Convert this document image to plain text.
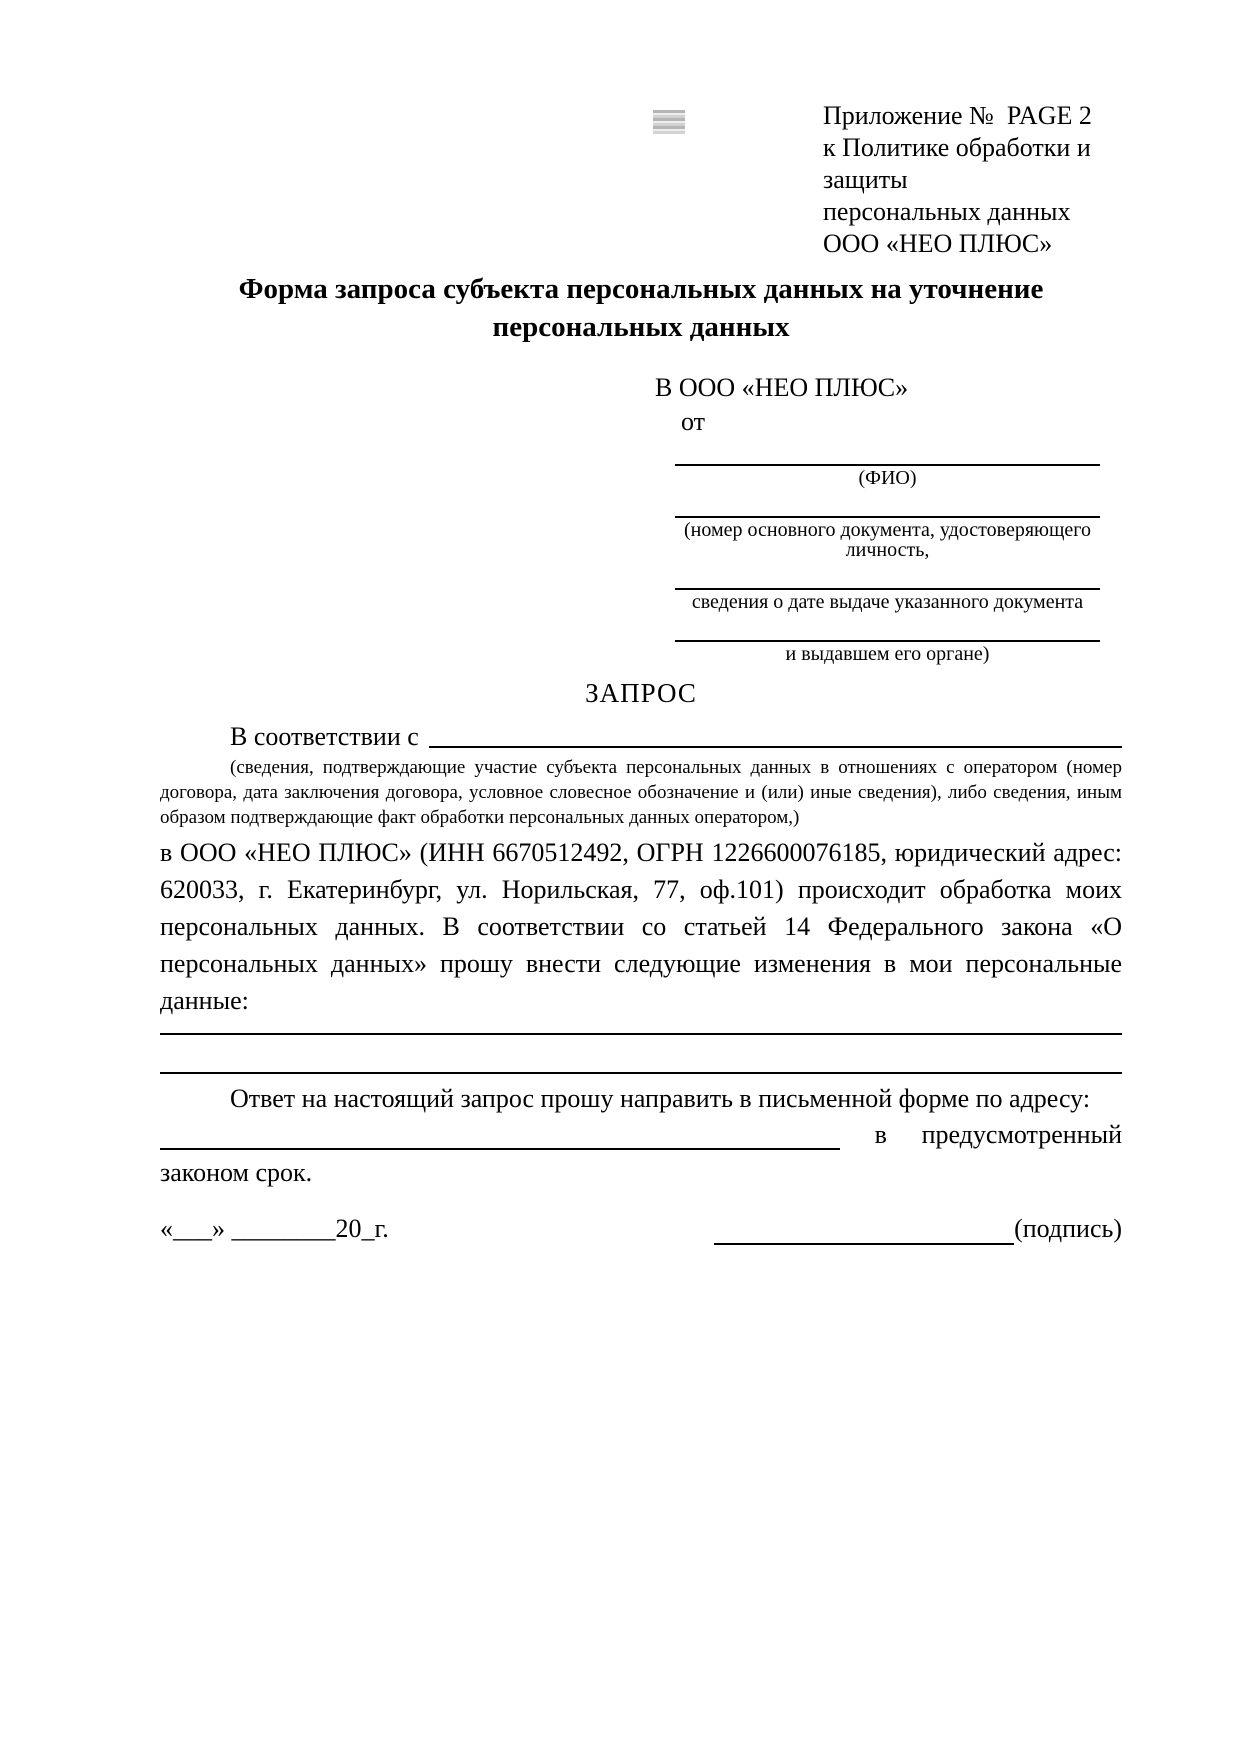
Приложение №  PAGE 2
к Политике обработки и защиты
персональных данных
ООО «НЕО ПЛЮС»
Форма запроса субъекта персональных данных на уточнение персональных данных
В ООО «НЕО ПЛЮС»
от
(ФИО)
(номер основного документа, удостоверяющего личность,
сведения о дате выдаче указанного документа
и выдавшем его органе)
ЗАПРОС
В соответствии с

(сведения, подтверждающие участие субъекта персональных данных в отношениях с оператором (номер договора, дата заключения договора, условное словесное обозначение и (или) иные сведения), либо сведения, иным образом подтверждающие факт обработки персональных данных оператором,)

в ООО «НЕО ПЛЮС» (ИНН 6670512492, ОГРН 1226600076185, юридический адрес: 620033, г. Екатеринбург, ул. Норильская, 77, оф.101) происходит обработка моих персональных данных. В соответствии со статьей 14 Федерального закона «О персональных данных» прошу внести следующие изменения в мои персональные данные:

Ответ на настоящий запрос прошу направить в письменной форме по адресу:

в предусмотренный

законом срок.

«___» ________20_г.	(подпись)
